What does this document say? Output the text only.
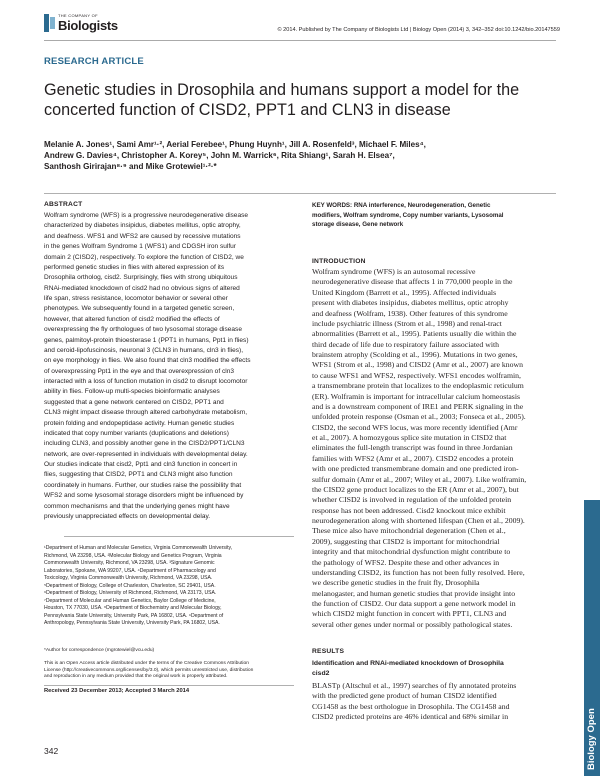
THE COMPANY OF
Biologists	© 2014. Published by The Company of Biologists Ltd | Biology Open (2014) 3, 342–352 doi:10.1242/bio.20147559
RESEARCH ARTICLE
Genetic studies in Drosophila and humans support a model for the
concerted function of CISD2, PPT1 and CLN3 in disease
Melanie A. Jones¹, Sami Amr¹·², Aerial Ferebee¹, Phung Huynh¹, Jill A. Rosenfeld³, Michael F. Miles⁴,
Andrew G. Davies⁴, Christopher A. Korey⁵, John M. Warrick⁶, Rita Shiang¹, Sarah H. Elsea⁷,
Santhosh Girirajan⁸·⁹ and Mike Grotewiel¹·²·*
ABSTRACT
Wolfram syndrome (WFS) is a progressive neurodegenerative disease
characterized by diabetes insipidus, diabetes mellitus, optic atrophy,
and deafness. WFS1 and WFS2 are caused by recessive mutations
in the genes Wolfram Syndrome 1 (WFS1) and CDGSH iron sulfur
domain 2 (CISD2), respectively. To explore the function of CISD2, we
performed genetic studies in flies with altered expression of its
Drosophila ortholog, cisd2. Surprisingly, flies with strong ubiquitous
RNAi-mediated knockdown of cisd2 had no obvious signs of altered
life span, stress resistance, locomotor behavior or several other
phenotypes. We subsequently found in a targeted genetic screen,
however, that altered function of cisd2 modified the effects of
overexpressing the fly orthologues of two lysosomal storage disease
genes, palmitoyl-protein thioesterase 1 (PPT1 in humans, Ppt1 in flies)
and ceroid-lipofuscinosis, neuronal 3 (CLN3 in humans, cln3 in flies),
on eye morphology in flies. We also found that cln3 modified the effects
of overexpressing Ppt1 in the eye and that overexpression of cln3
interacted with a loss of function mutation in cisd2 to disrupt locomotor
ability in flies. Follow-up multi-species bioinformatic analyses
suggested that a gene network centered on CISD2, PPT1 and
CLN3 might impact disease through altered carbohydrate metabolism,
protein folding and endopeptidase activity. Human genetic studies
indicated that copy number variants (duplications and deletions)
including CLN3, and possibly another gene in the CISD2/PPT1/CLN3
network, are over-represented in individuals with developmental delay.
Our studies indicate that cisd2, Ppt1 and cln3 function in concert in
flies, suggesting that CISD2, PPT1 and CLN3 might also function
coordinately in humans. Further, our studies raise the possibility that
WFS2 and some lysosomal storage disorders might be influenced by
common mechanisms and that the underlying genes might have
previously unappreciated effects on developmental delay.
¹Department of Human and Molecular Genetics, Virginia Commonwealth University,
Richmond, VA 23298, USA. ²Molecular Biology and Genetics Program, Virginia
Commonwealth University, Richmond, VA 23298, USA. ³Signature Genomic
Laboratories, Spokane, WA 99207, USA. ⁴Department of Pharmacology and
Toxicology, Virginia Commonwealth University, Richmond, VA 23298, USA.
⁵Department of Biology, College of Charleston, Charleston, SC 29401, USA.
⁶Department of Biology, University of Richmond, Richmond, VA 23173, USA.
⁷Department of Molecular and Human Genetics, Baylor College of Medicine,
Houston, TX 77030, USA. ⁸Department of Biochemistry and Molecular Biology,
Pennsylvania State University, University Park, PA 16802, USA. ⁹Department of
Anthropology, Pennsylvania State University, University Park, PA 16802, USA.
*Author for correspondence (mgrotewiel@vcu.edu)
This is an Open Access article distributed under the terms of the Creative Commons Attribution
License (http://creativecommons.org/licenses/by/3.0), which permits unrestricted use, distribution
and reproduction in any medium provided that the original work is properly attributed.
Received 23 December 2013; Accepted 3 March 2014
342
KEY WORDS: RNA interference, Neurodegeneration, Genetic
modifiers, Wolfram syndrome, Copy number variants, Lysosomal
storage disease, Gene network
INTRODUCTION
Wolfram syndrome (WFS) is an autosomal recessive
neurodegenerative disease that affects 1 in 770,000 people in the
United Kingdom (Barrett et al., 1995). Affected individuals
present with diabetes insipidus, diabetes mellitus, optic atrophy
and deafness (Wolfram, 1938). Other features of this syndrome
include psychiatric illness (Strom et al., 1998) and renal-tract
abnormalities (Barrett et al., 1995). Patients usually die within the
third decade of life due to respiratory failure associated with
brainstem atrophy (Scolding et al., 1996). Mutations in two genes,
WFS1 (Strom et al., 1998) and CISD2 (Amr et al., 2007) are known
to cause WFS1 and WFS2, respectively. WFS1 encodes wolframin,
a transmembrane protein that localizes to the endoplasmic reticulum
(ER). Wolframin is important for intracellular calcium homeostasis
and is a downstream component of IRE1 and PERK signaling in the
unfolded protein response (Osman et al., 2003; Fonseca et al., 2005).
CISD2, the second WFS locus, was more recently identified (Amr
et al., 2007). A homozygous splice site mutation in CISD2 that
eliminates the full-length transcript was found in three Jordanian
families with WFS2 (Amr et al., 2007). CISD2 encodes a protein
with one predicted transmembrane domain and one predicted iron-
sulfur domain (Amr et al., 2007; Wiley et al., 2007). Like wolframin,
the CISD2 gene product localizes to the ER (Amr et al., 2007), but
whether CISD2 is involved in regulation of the unfolded protein
response has not been addressed. Cisd2 knockout mice exhibit
neurodegeneration along with shortened lifespan (Chen et al., 2009).
These mice also have mitochondrial degeneration (Chen et al.,
2009), suggesting that CISD2 is important for mitochondrial
integrity and that mitochondrial dysfunction might contribute to
the pathology of WFS2. Despite these and other advances in
understanding CISD2, its function has not been fully resolved. Here,
we describe genetic studies in the fruit fly, Drosophila
melanogaster, and human genetic studies that provide insight into
the function of CISD2. Our data support a gene network model in
which CISD2 might function in concert with PPT1, CLN3 and
several other genes under normal or possibly pathological states.
RESULTS
Identification and RNAi-mediated knockdown of Drosophila
cisd2
BLASTp (Altschul et al., 1997) searches of fly annotated proteins
with the predicted gene product of human CISD2 identified
CG1458 as the best orthologue in Drosophila. The CG1458 and
CISD2 predicted proteins are 46% identical and 68% similar in	Biology Open
